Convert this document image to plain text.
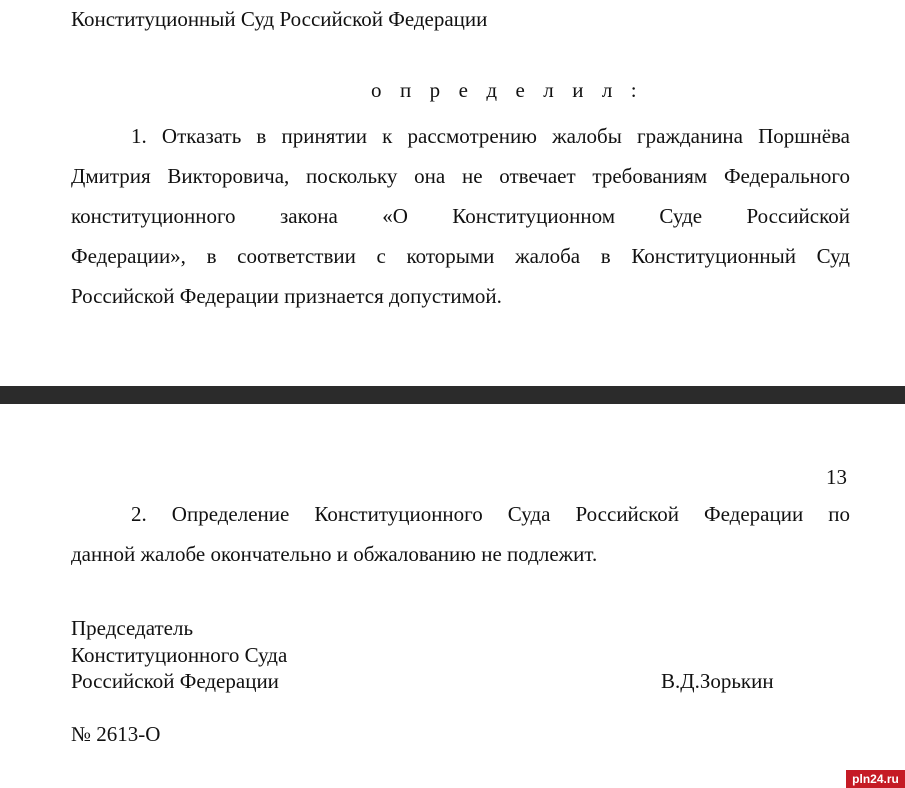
Конституционный Суд Российской Федерации
о п р е д е л и л :
1. Отказать в принятии к рассмотрению жалобы гражданина Поршнёва
Дмитрия Викторовича, поскольку она не отвечает требованиям Федерального
конституционного закона «О Конституционном Суде Российской
Федерации», в соответствии с которыми жалоба в Конституционный Суд
Российской Федерации признается допустимой.
13
2. Определение Конституционного Суда Российской Федерации по
данной жалобе окончательно и обжалованию не подлежит.
Председатель
Конституционного Суда
Российской Федерации	В.Д.Зорькин
№ 2613-О
pln24.ru
